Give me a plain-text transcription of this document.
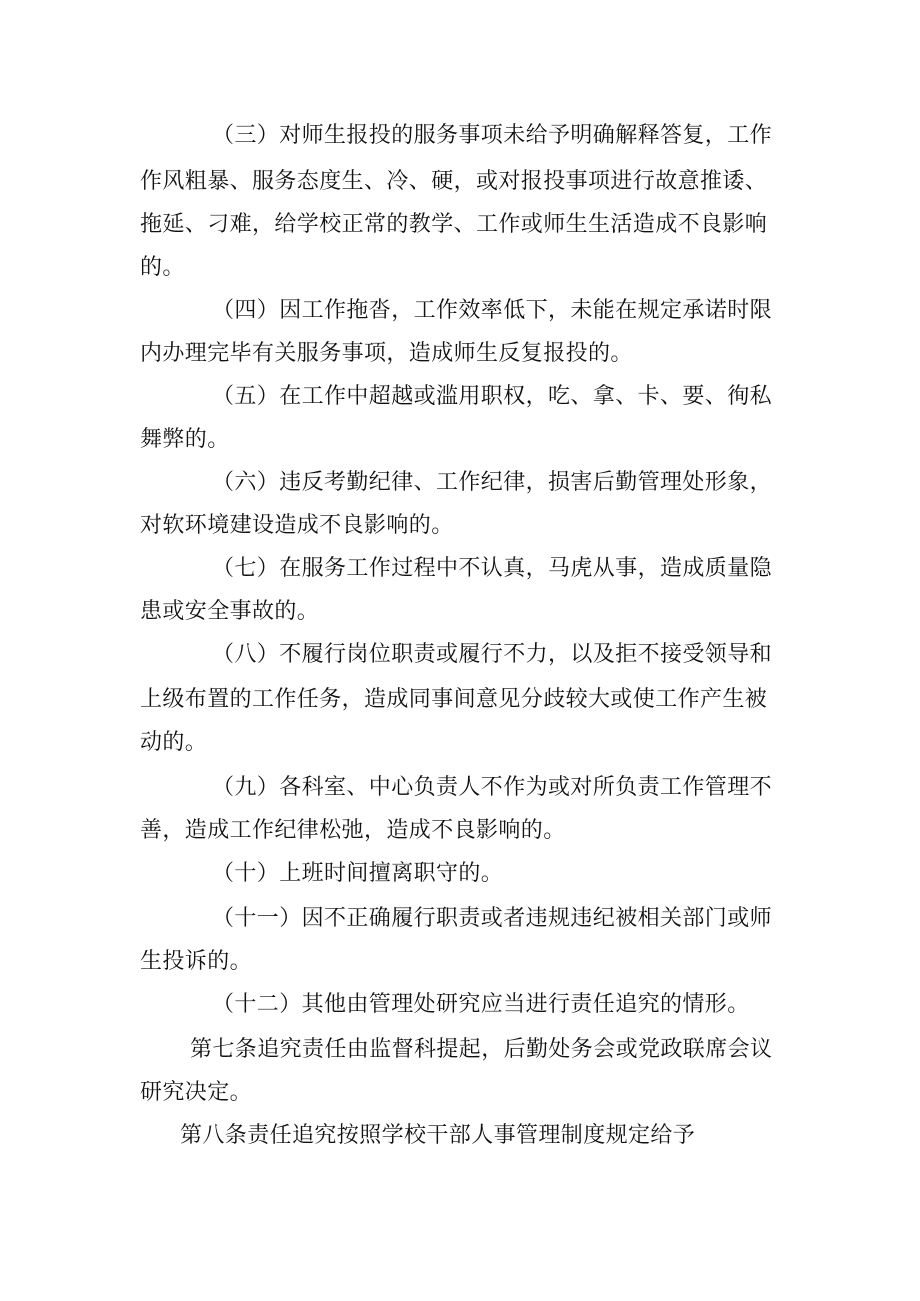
（三）对师生报投的服务事项未给予明确解释答复，工作
作风粗暴、服务态度生、冷、硬，或对报投事项进行故意推诿、
拖延、刁难，给学校正常的教学、工作或师生生活造成不良影响
的。
（四）因工作拖沓，工作效率低下，未能在规定承诺时限
内办理完毕有关服务事项，造成师生反复报投的。
（五）在工作中超越或滥用职权，吃、拿、卡、要、徇私
舞弊的。
（六）违反考勤纪律、工作纪律，损害后勤管理处形象，
对软环境建设造成不良影响的。
（七）在服务工作过程中不认真，马虎从事，造成质量隐
患或安全事故的。
（八）不履行岗位职责或履行不力，以及拒不接受领导和
上级布置的工作任务，造成同事间意见分歧较大或使工作产生被
动的。
（九）各科室、中心负责人不作为或对所负责工作管理不
善，造成工作纪律松弛，造成不良影响的。
（十）上班时间擅离职守的。
（十一）因不正确履行职责或者违规违纪被相关部门或师
生投诉的。
（十二）其他由管理处研究应当进行责任追究的情形。
第七条追究责任由监督科提起，后勤处务会或党政联席会议
研究决定。
第八条责任追究按照学校干部人事管理制度规定给予
